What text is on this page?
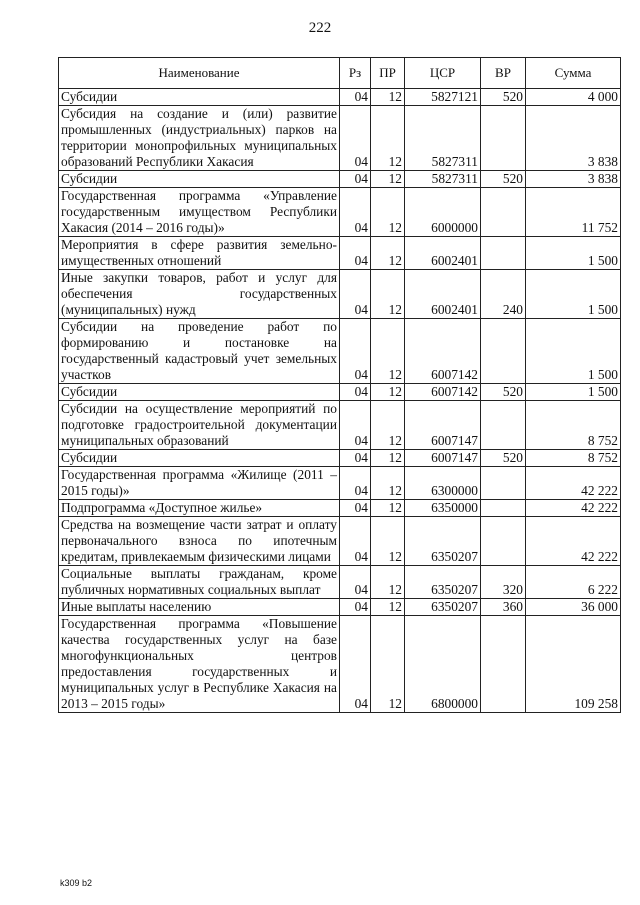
222
Наименование	Рз	ПР	ЦСР	ВР	Сумма
Субсидии	04	12	5827121	520	4 000
Субсидия на создание и (или) развитие промышленных (индустриальных) парков на территории монопрофильных муниципальных образований Республики Хакасия	04	12	5827311		3 838
Субсидии	04	12	5827311	520	3 838
Государственная программа «Управление государственным имуществом Республики Хакасия (2014 – 2016 годы)»	04	12	6000000		11 752
Мероприятия в сфере развития земельно-имущественных отношений	04	12	6002401		1 500
Иные закупки товаров, работ и услуг для обеспечения государственных (муниципальных) нужд	04	12	6002401	240	1 500
Субсидии на проведение работ по формированию и постановке на государственный кадастровый учет земельных участков	04	12	6007142		1 500
Субсидии	04	12	6007142	520	1 500
Субсидии на осуществление мероприятий по подготовке градостроительной документации муниципальных образований	04	12	6007147		8 752
Субсидии	04	12	6007147	520	8 752
Государственная программа «Жилище (2011 – 2015 годы)»	04	12	6300000		42 222
Подпрограмма «Доступное жилье»	04	12	6350000		42 222
Средства на возмещение части затрат и оплату первоначального взноса по ипотечным кредитам, привлекаемым физическими лицами	04	12	6350207		42 222
Социальные выплаты гражданам, кроме публичных нормативных социальных выплат	04	12	6350207	320	6 222
Иные выплаты населению	04	12	6350207	360	36 000
Государственная программа «Повышение качества государственных услуг на базе многофункциональных центров предоставления государственных и муниципальных услуг в Республике Хакасия на 2013 – 2015 годы»	04	12	6800000		109 258
k309 b2
